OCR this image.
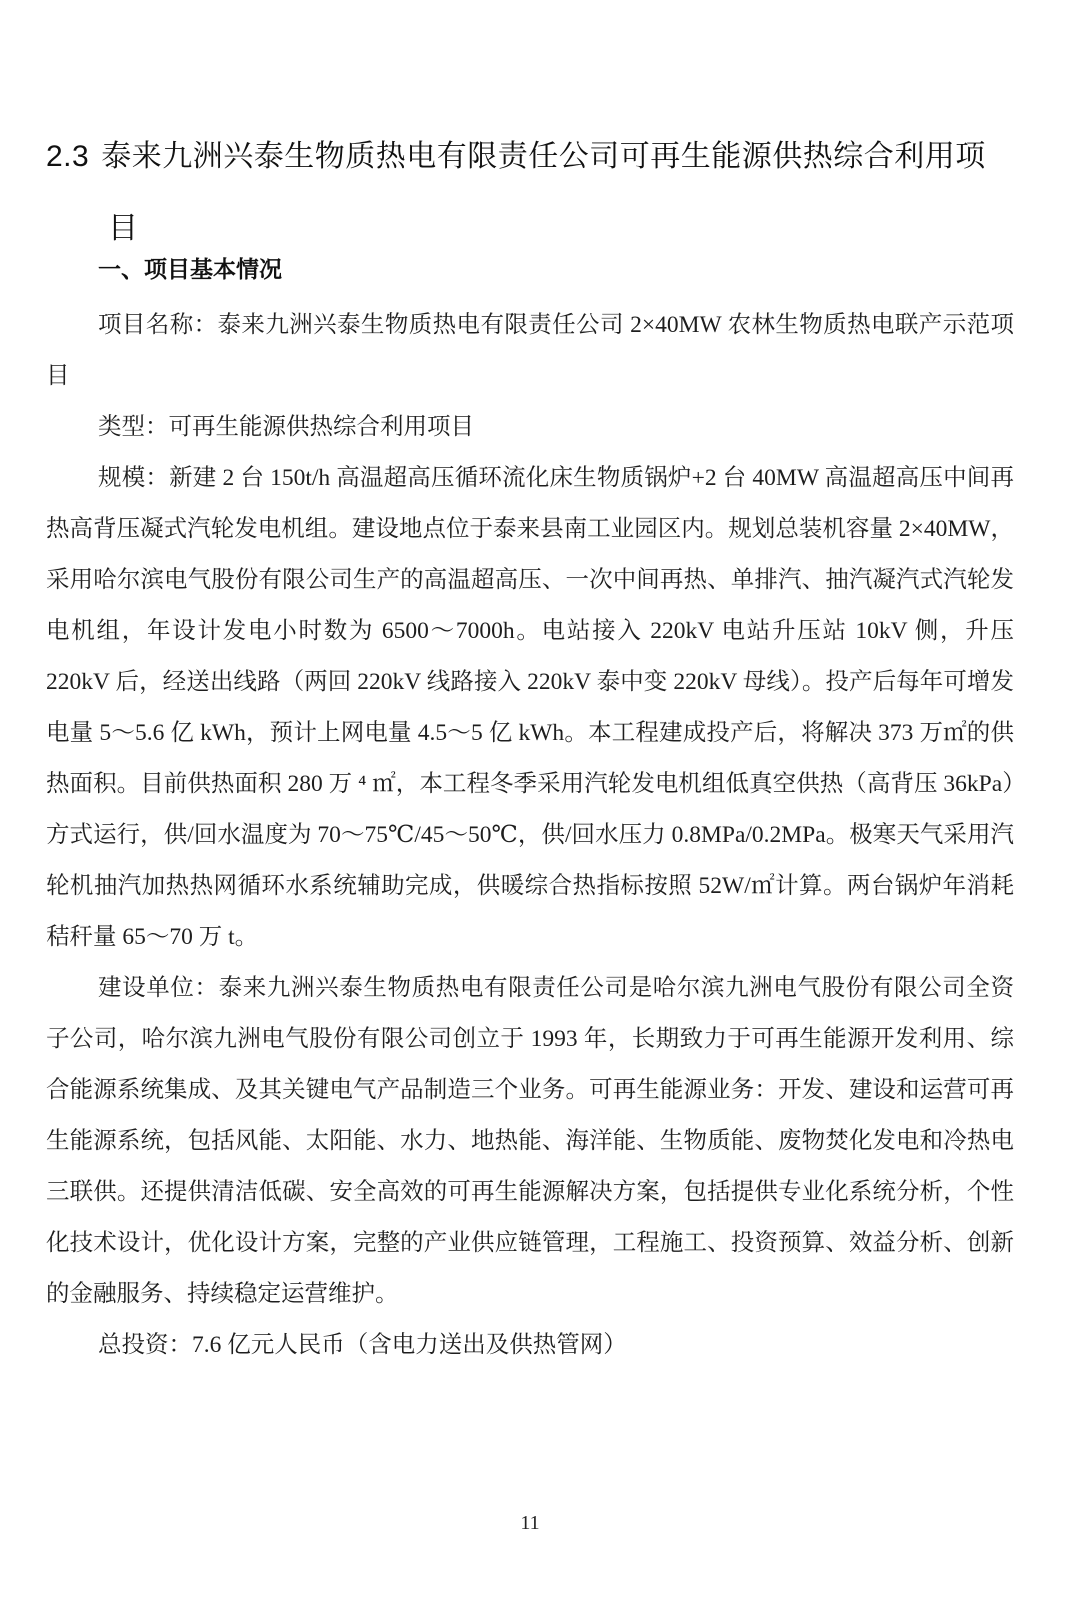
2.3 泰来九洲兴泰生物质热电有限责任公司可再生能源供热综合利用项
目
一、项目基本情况

项目名称：泰来九洲兴泰生物质热电有限责任公司 2×40MW 农林生物质热电联产示范项目

类型：可再生能源供热综合利用项目

规模：新建 2 台 150t/h 高温超高压循环流化床生物质锅炉+2 台 40MW 高温超高压中间再热高背压凝式汽轮发电机组。建设地点位于泰来县南工业园区内。规划总装机容量 2×40MW，采用哈尔滨电气股份有限公司生产的高温超高压、一次中间再热、单排汽、抽汽凝汽式汽轮发电机组，年设计发电小时数为 6500～7000h。电站接入 220kV 电站升压站 10kV 侧，升压 220kV 后，经送出线路（两回 220kV 线路接入 220kV 泰中变 220kV 母线）。投产后每年可增发电量 5～5.6 亿 kWh，预计上网电量 4.5～5 亿 kWh。本工程建成投产后，将解决 373 万㎡的供热面积。目前供热面积 280 万 ⁴ ㎡，本工程冬季采用汽轮发电机组低真空供热（高背压 36kPa）方式运行，供/回水温度为 70～75℃/45～50℃，供/回水压力 0.8MPa/0.2MPa。极寒天气采用汽轮机抽汽加热热网循环水系统辅助完成，供暖综合热指标按照 52W/㎡计算。两台锅炉年消耗秸秆量 65～70 万 t。

建设单位：泰来九洲兴泰生物质热电有限责任公司是哈尔滨九洲电气股份有限公司全资子公司，哈尔滨九洲电气股份有限公司创立于 1993 年，长期致力于可再生能源开发利用、综合能源系统集成、及其关键电气产品制造三个业务。可再生能源业务：开发、建设和运营可再生能源系统，包括风能、太阳能、水力、地热能、海洋能、生物质能、废物焚化发电和冷热电三联供。还提供清洁低碳、安全高效的可再生能源解决方案，包括提供专业化系统分析，个性化技术设计，优化设计方案，完整的产业供应链管理，工程施工、投资预算、效益分析、创新的金融服务、持续稳定运营维护。

总投资：7.6 亿元人民币（含电力送出及供热管网）

11
